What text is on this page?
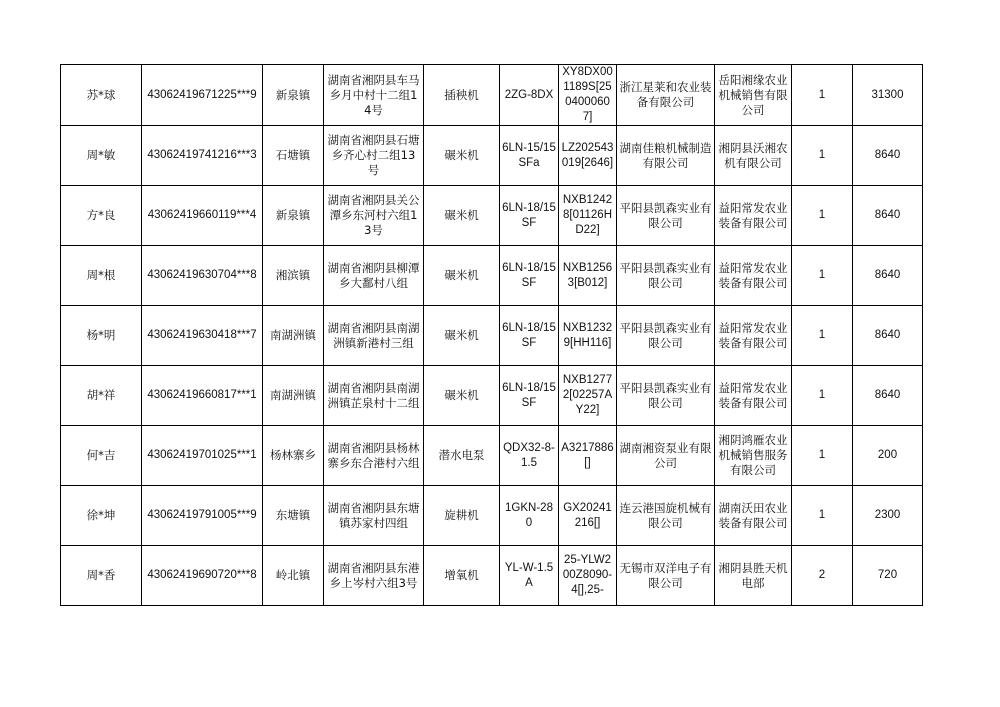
苏*球	43062419671225***9	新泉镇	湖南省湘阴县车马乡月中村十二组14号	插秧机	2ZG-8DX	XY8DX001189S[2504000607]	浙江星莱和农业装备有限公司	岳阳湘缘农业机械销售有限公司	1	31300
周*敏	43062419741216***3	石塘镇	湖南省湘阴县石塘乡齐心村二组13号	碾米机	6LN-15/15SFa	LZ202543019[2646]	湖南佳粮机械制造有限公司	湘阴县沃湘农机有限公司	1	8640
方*良	43062419660119***4	新泉镇	湖南省湘阴县关公潭乡东河村六组13号	碾米机	6LN-18/15SF	NXB12428[01126HD22]	平阳县凯森实业有限公司	益阳常发农业装备有限公司	1	8640
周*根	43062419630704***8	湘滨镇	湖南省湘阴县柳潭乡大鄱村八组	碾米机	6LN-18/15SF	NXB12563[B012]	平阳县凯森实业有限公司	益阳常发农业装备有限公司	1	8640
杨*明	43062419630418***7	南湖洲镇	湖南省湘阴县南湖洲镇新港村三组	碾米机	6LN-18/15SF	NXB12329[HH116]	平阳县凯森实业有限公司	益阳常发农业装备有限公司	1	8640
胡*祥	43062419660817***1	南湖洲镇	湖南省湘阴县南湖洲镇芷泉村十二组	碾米机	6LN-18/15SF	NXB12772[02257AY22]	平阳县凯森实业有限公司	益阳常发农业装备有限公司	1	8640
何*吉	43062419701025***1	杨林寨乡	湖南省湘阴县杨林寨乡东合港村六组	潜水电泵	QDX32-8-1.5	A3217886[]	湖南湘资泵业有限公司	湘阴鸿雁农业机械销售服务有限公司	1	200
徐*坤	43062419791005***9	东塘镇	湖南省湘阴县东塘镇苏家村四组	旋耕机	1GKN-280	GX20241216[]	连云港国旋机械有限公司	湖南沃田农业装备有限公司	1	2300
周*香	43062419690720***8	岭北镇	湖南省湘阴县东港乡上岑村六组3号	增氧机	YL-W-1.5A	25-YLW200Z8090-4[],25-	无锡市双洋电子有限公司	湘阴县胜天机电部	2	720
